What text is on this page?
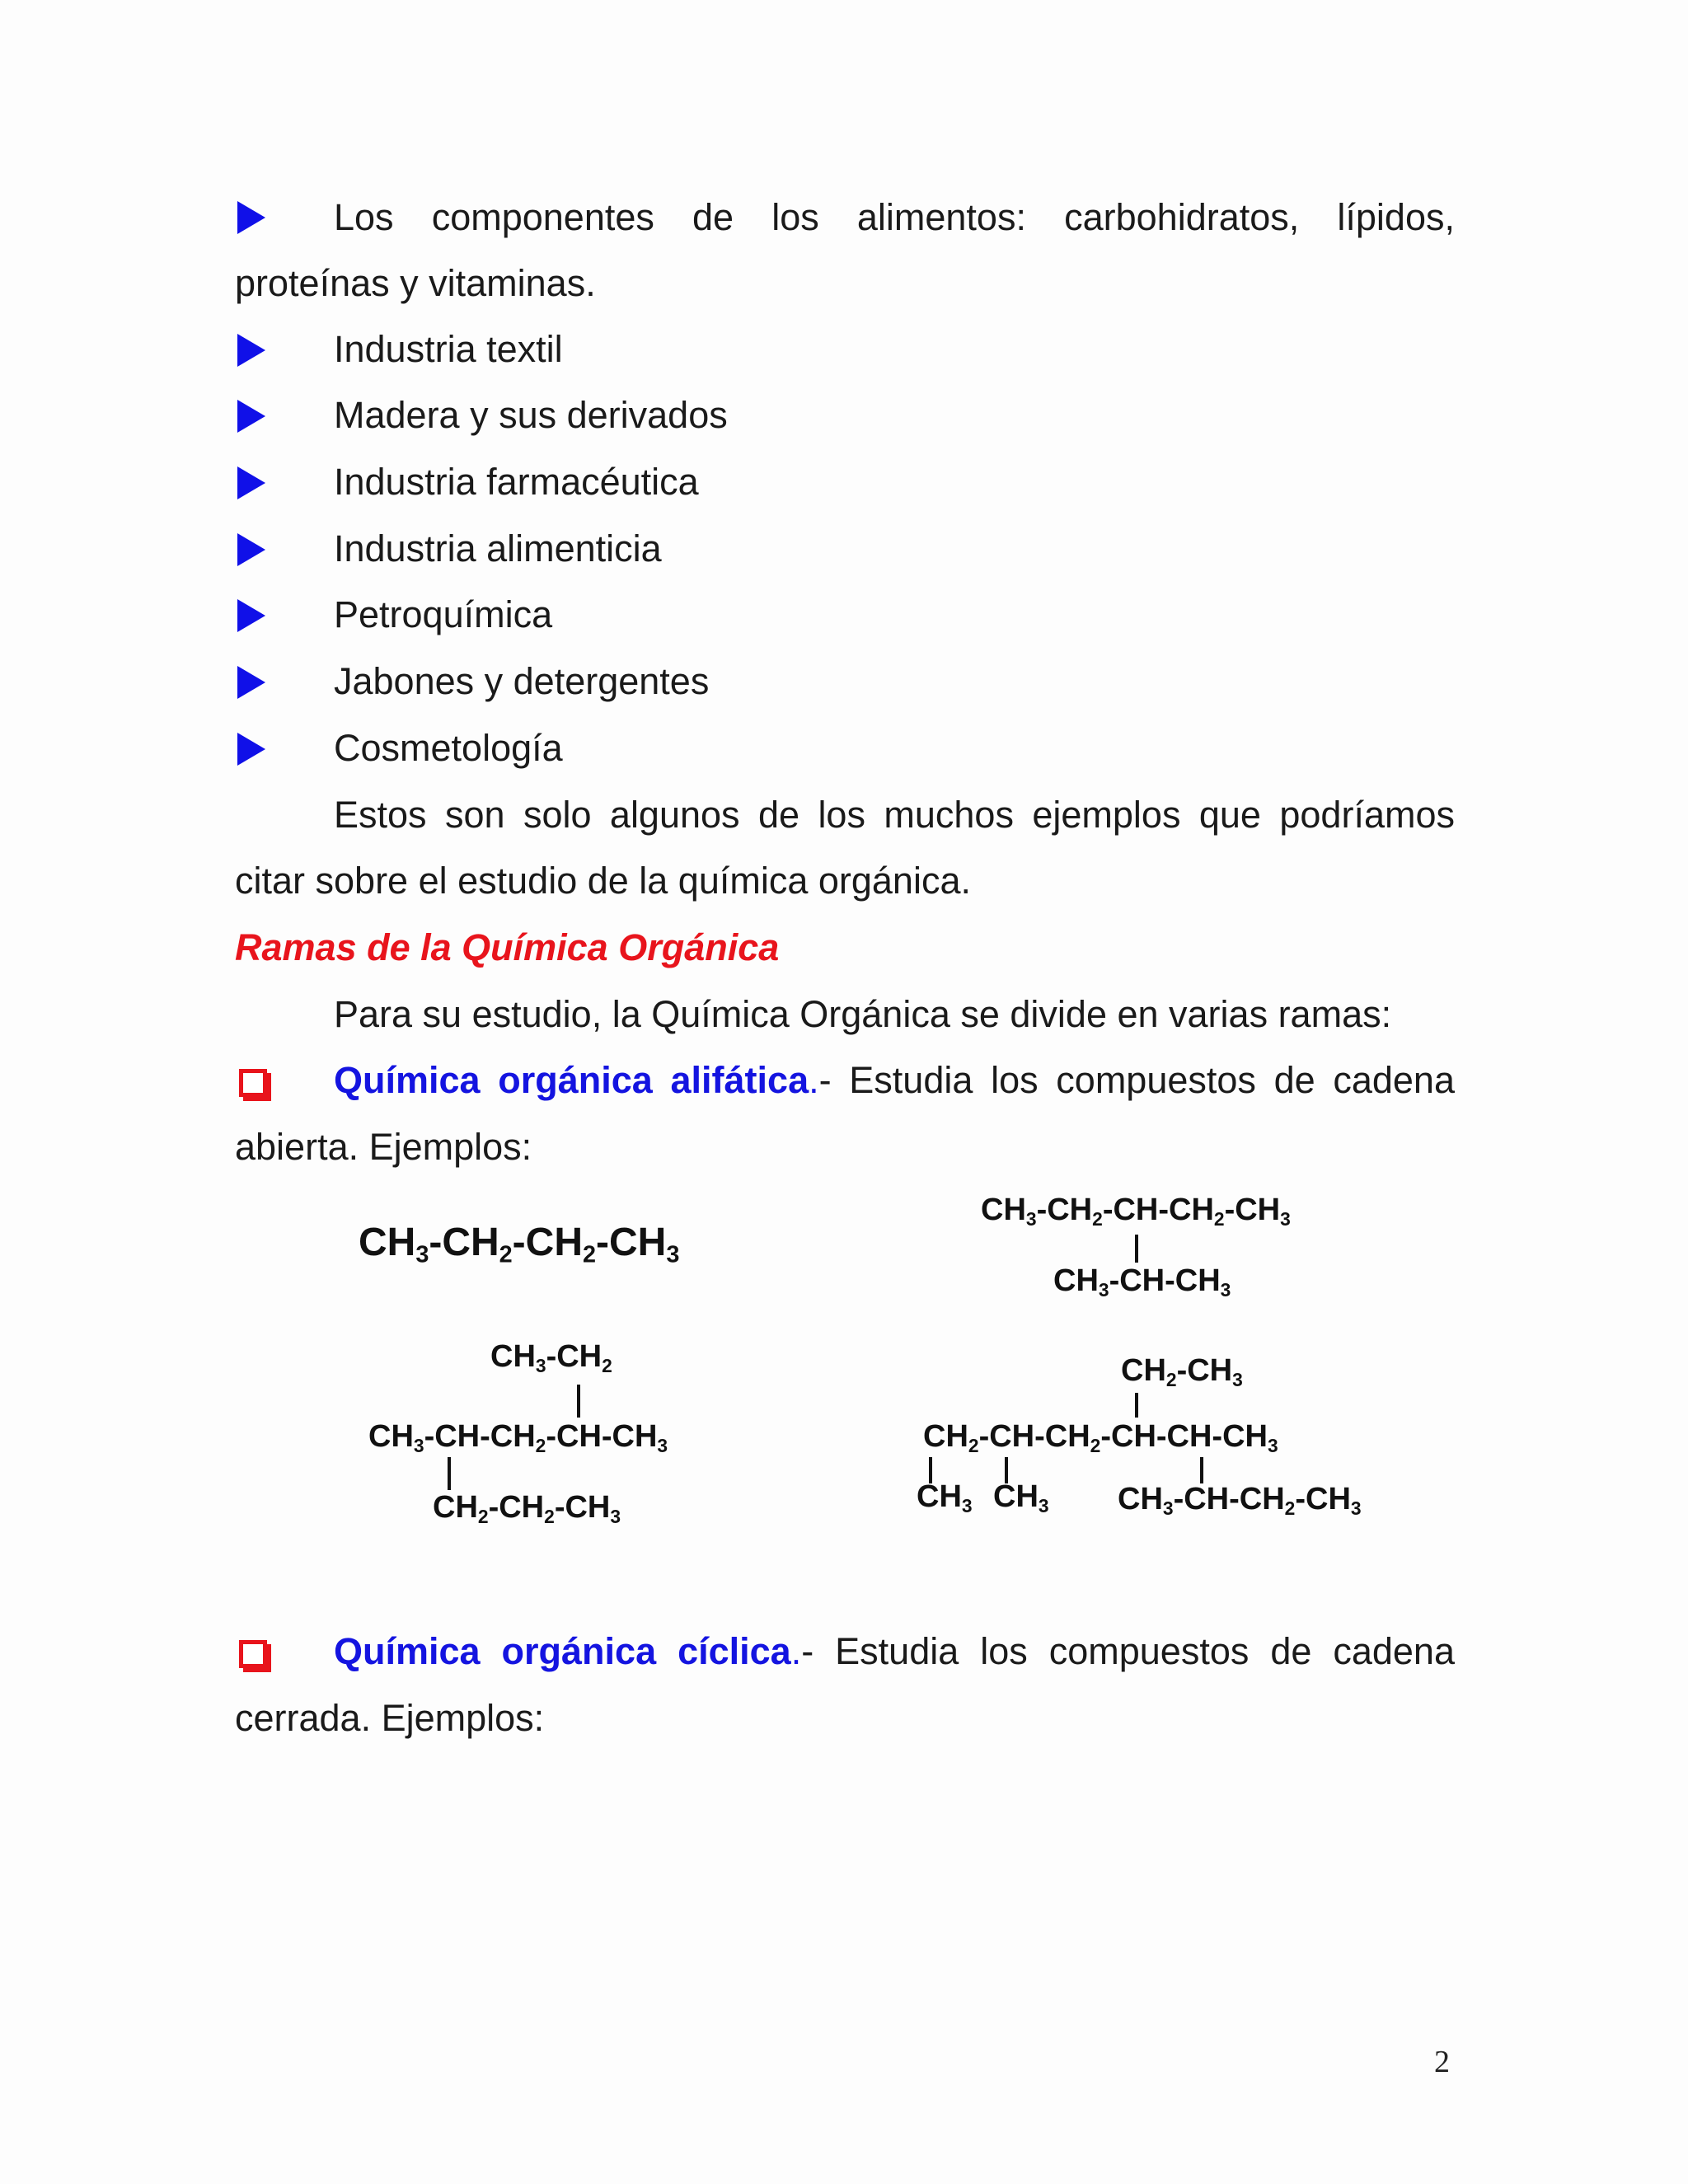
Los componentes de los alimentos: carbohidratos, lípidos,
proteínas y vitaminas.
Industria textil
Madera y sus derivados
Industria farmacéutica
Industria alimenticia
Petroquímica
Jabones y detergentes
Cosmetología
Estos son solo algunos de los muchos ejemplos que podríamos
citar sobre el estudio de la química orgánica.
Ramas de la Química Orgánica
Para su estudio, la Química Orgánica se divide en varias ramas:
Química orgánica alifática.- Estudia los compuestos de cadena
abierta. Ejemplos:
$CH_3-CH_2-CH_2-CH_3$
$CH_3-CH_2-CH-CH_2-CH_3$
$CH_3-CH-CH_3$
$CH_3-CH_2$
$CH_3-CH-CH_2-CH-CH_3$
$CH_2-CH_2-CH_3$
$CH_2-CH_3$
$CH_2-CH-CH_2-CH-CH-CH_3$
$CH_3$ $CH_3$ $CH_3-CH-CH_2-CH_3$
Química orgánica cíclica.- Estudia los compuestos de cadena
cerrada. Ejemplos:
2
